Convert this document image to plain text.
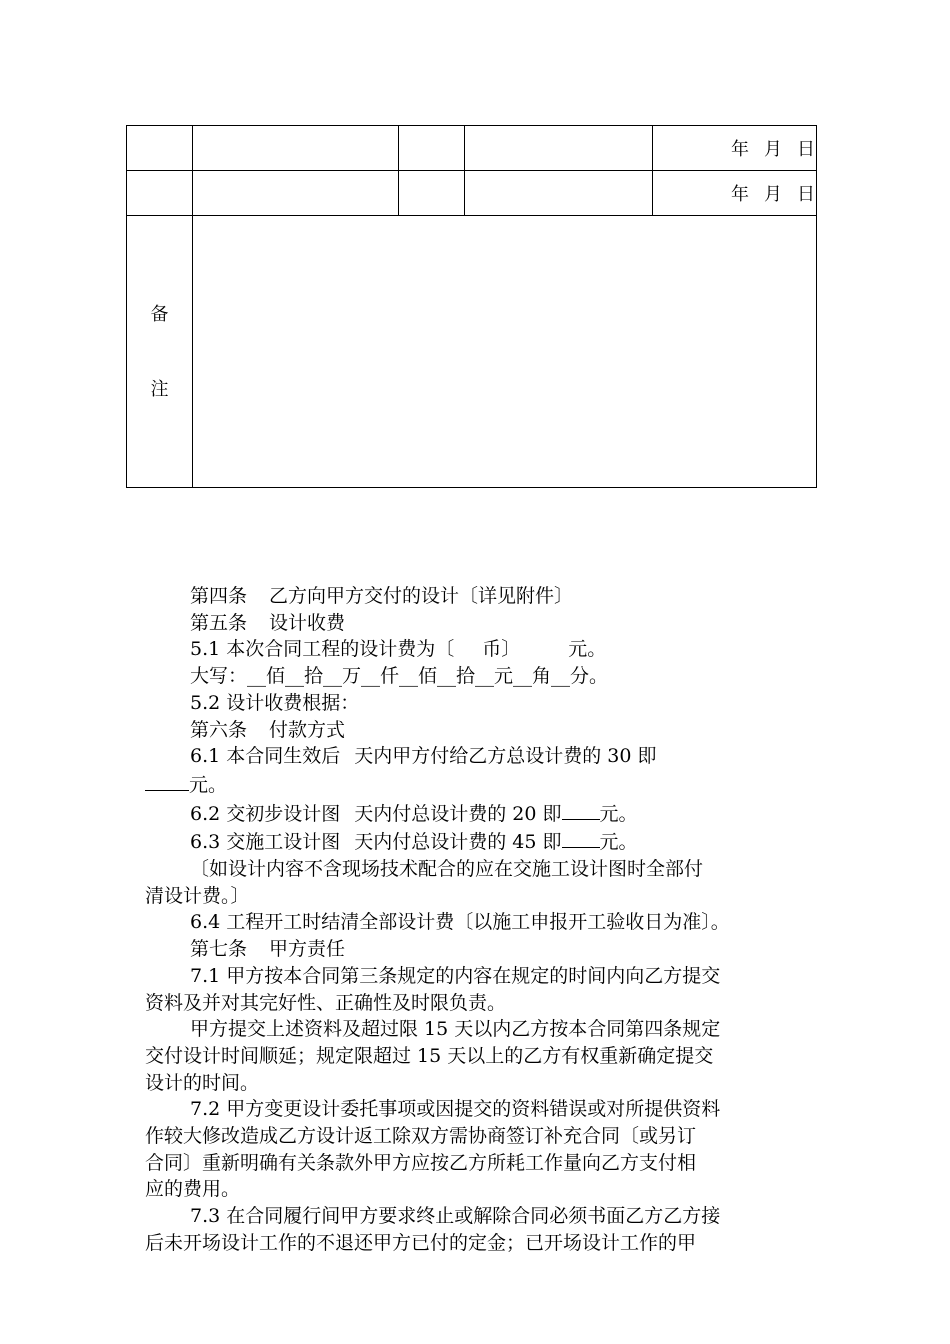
				年 月 日
				年 月 日

备
注				

第四条 乙方向甲方交付的设计〔详见附件〕
第五条 设计收费
5.1 本次合同工程的设计费为〔 币〕	元。
大写：__佰__拾__万__仟__佰__拾__元__角__分。
5.2 设计收费根据：
第六条 付款方式
6.1 本合同生效后 天内甲方付给乙方总设计费的 30 即
元。
6.2 交初步设计图 天内付总设计费的 20 即 元。
6.3 交施工设计图 天内付总设计费的 45 即 元。
〔如设计内容不含现场技术配合的应在交施工设计图时全部付
清设计费。〕
6.4 工程开工时结清全部设计费〔以施工申报开工验收日为准〕。
第七条 甲方责任
7.1 甲方按本合同第三条规定的内容在规定的时间内向乙方提交
资料及并对其完好性、正确性及时限负责。
甲方提交上述资料及超过限 15 天以内乙方按本合同第四条规定
交付设计时间顺延；规定限超过 15 天以上的乙方有权重新确定提交
设计的时间。
7.2 甲方变更设计委托事项或因提交的资料错误或对所提供资料
作较大修改造成乙方设计返工除双方需协商签订补充合同〔或另订
合同〕重新明确有关条款外甲方应按乙方所耗工作量向乙方支付相
应的费用。
7.3 在合同履行间甲方要求终止或解除合同必须书面乙方乙方接
后未开场设计工作的不退还甲方已付的定金；已开场设计工作的甲
